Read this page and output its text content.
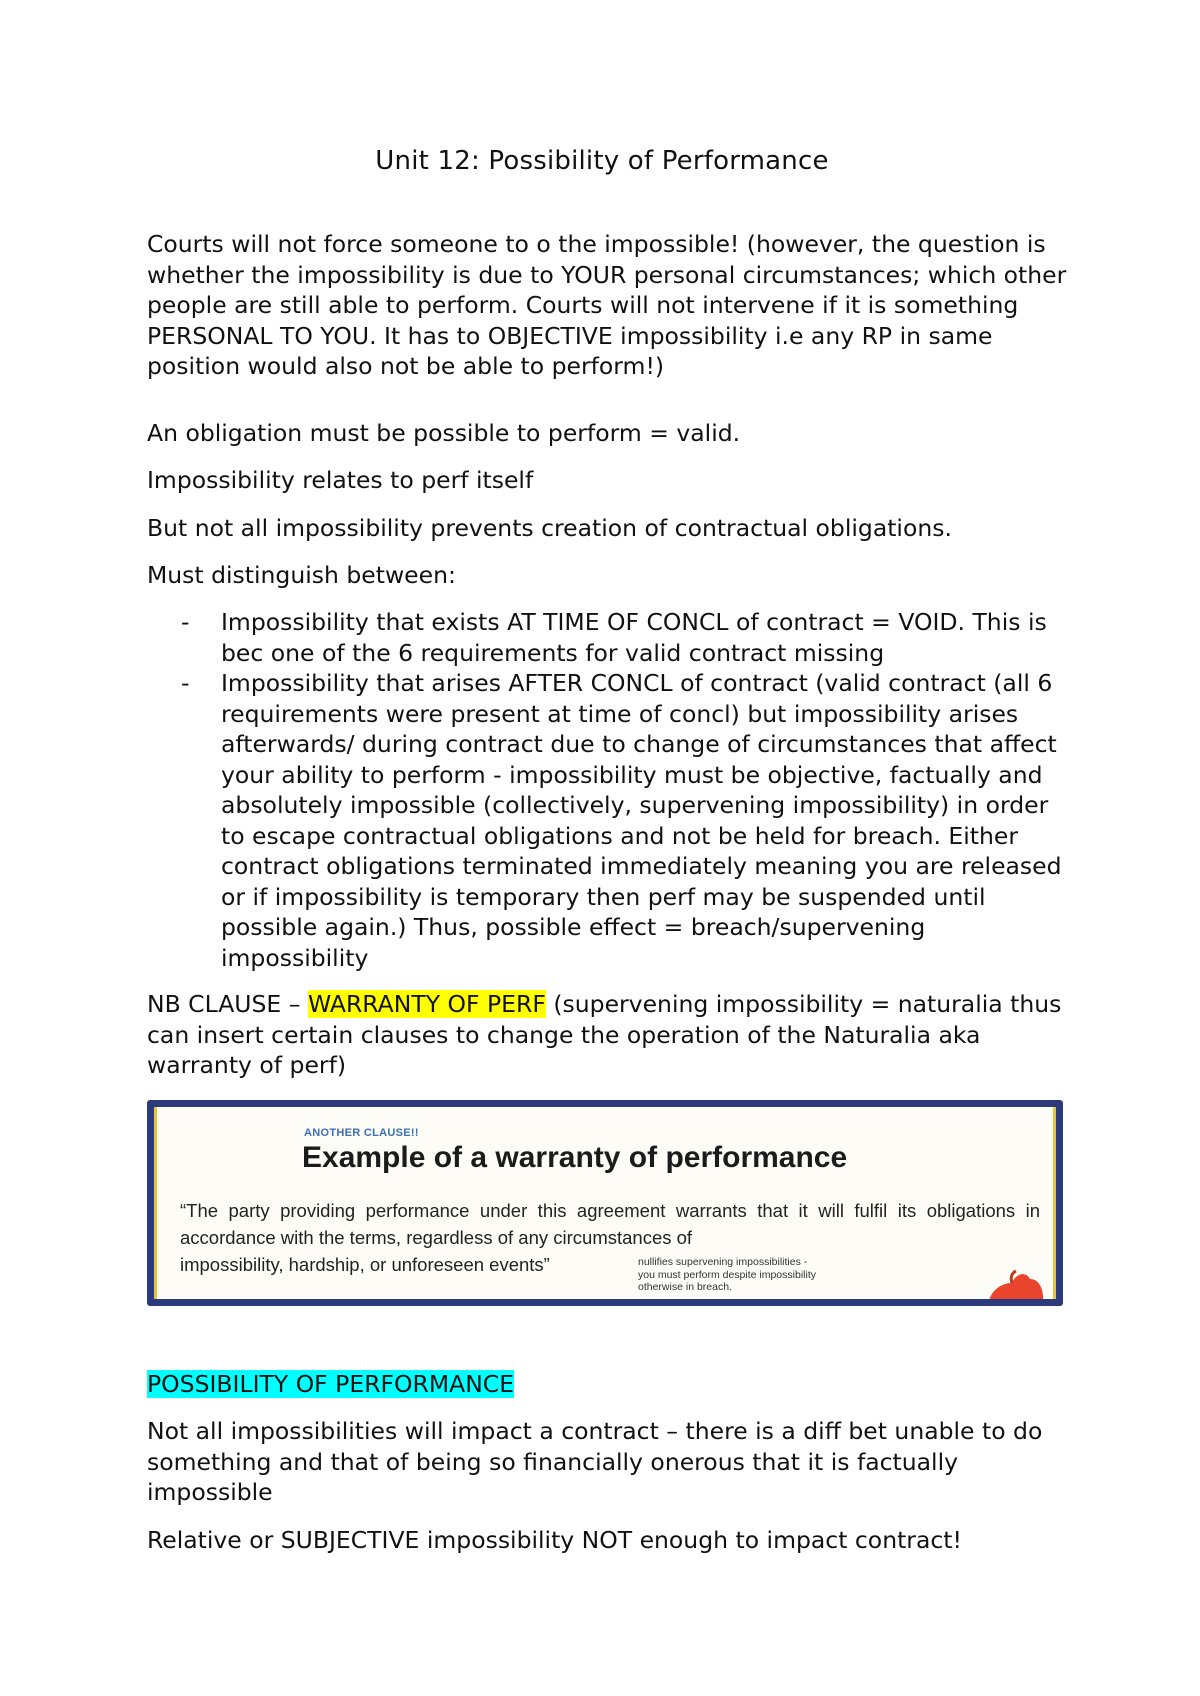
Unit 12: Possibility of Performance

Courts will not force someone to o the impossible! (however, the question is whether the impossibility is due to YOUR personal circumstances; which other people are still able to perform. Courts will not intervene if it is something PERSONAL TO YOU. It has to OBJECTIVE impossibility i.e any RP in same position would also not be able to perform!)

An obligation must be possible to perform = valid.

Impossibility relates to perf itself

But not all impossibility prevents creation of contractual obligations.

Must distinguish between:

- Impossibility that exists AT TIME OF CONCL of contract = VOID. This is bec one of the 6 requirements for valid contract missing
- Impossibility that arises AFTER CONCL of contract (valid contract (all 6 requirements were present at time of concl) but impossibility arises afterwards/ during contract due to change of circumstances that affect your ability to perform - impossibility must be objective, factually and absolutely impossible (collectively, supervening impossibility) in order to escape contractual obligations and not be held for breach. Either contract obligations terminated immediately meaning you are released or if impossibility is temporary then perf may be suspended until possible again.) Thus, possible effect = breach/supervening impossibility

NB CLAUSE – WARRANTY OF PERF (supervening impossibility = naturalia thus can insert certain clauses to change the operation of the Naturalia aka warranty of perf)

ANOTHER CLAUSE!!
Example of a warranty of performance
“The party providing performance under this agreement warrants that it will fulfil its obligations in accordance with the terms, regardless of any circumstances of
impossibility, hardship, or unforeseen events”	nullifies supervening impossibilities -
you must perform despite impossibility
otherwise in breach.

POSSIBILITY OF PERFORMANCE

Not all impossibilities will impact a contract – there is a diff bet unable to do something and that of being so financially onerous that it is factually impossible

Relative or SUBJECTIVE impossibility NOT enough to impact contract!
